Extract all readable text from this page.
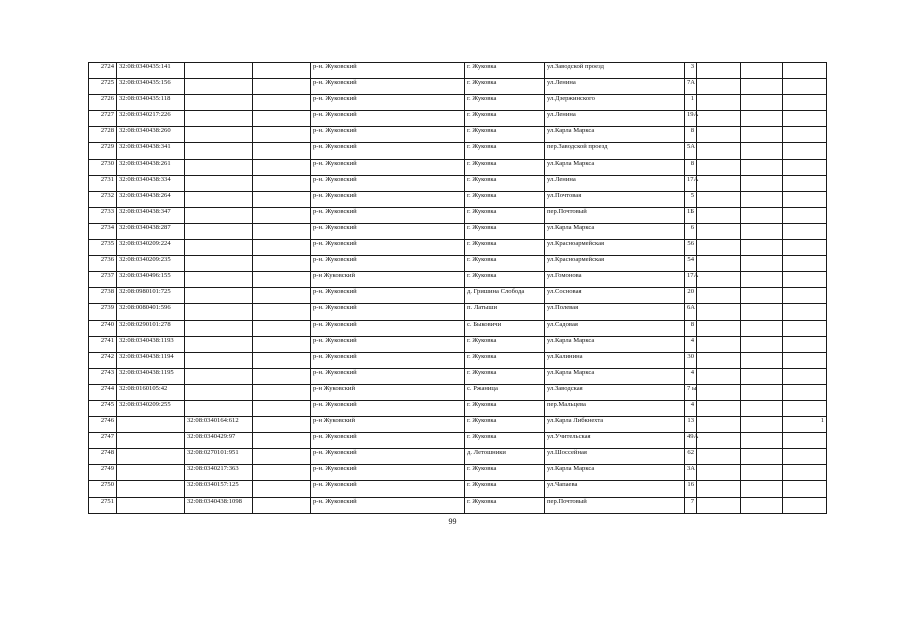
2724	32:08:0340435:141			р-н. Жуковский	г. Жуковка	ул.Заводской проезд	3			
2725	32:08:0340435:156			р-н. Жуковский	г. Жуковка	ул.Ленина	7А			
2726	32:08:0340435:118			р-н. Жуковский	г. Жуковка	ул.Дзержинского	1			
2727	32:08:0340217:226			р-н. Жуковский	г. Жуковка	ул.Ленина	19А			
2728	32:08:0340438:260			р-н. Жуковский	г. Жуковка	ул.Карла Маркса	8			
2729	32:08:0340438:341			р-н. Жуковский	г. Жуковка	пер.Заводской проезд	5А			
2730	32:08:0340438:261			р-н. Жуковский	г. Жуковка	ул.Карла Маркса	8			
2731	32:08:0340438:334			р-н. Жуковский	г. Жуковка	ул.Ленина	17А			
2732	32:08:0340438:264			р-н. Жуковский	г. Жуковка	ул.Почтовая	5			
2733	32:08:0340438:347			р-н. Жуковский	г. Жуковка	пер.Почтовый	1Б			
2734	32:08:0340438:287			р-н. Жуковский	г. Жуковка	ул.Карла Маркса	6			
2735	32:08:0340209:224			р-н. Жуковский	г. Жуковка	ул.Красноармейская	56			
2736	32:08:0340209:235			р-н. Жуковский	г. Жуковка	ул.Красноармейская	54			
2737	32:08:0340496:155			р-н Жуковский	г. Жуковка	ул.Гомонова	17А			
2738	32:08:0980101:725			р-н. Жуковский	д. Гришина Слобода	ул.Сосновая	20			
2739	32:08:0080401:596			р-н. Жуковский	п. Латыши	ул.Полевая	6А			
2740	32:08:0290101:278			р-н. Жуковский	с. Быковичи	ул.Садовая	8			
2741	32:08:0340438:1193			р-н. Жуковский	г. Жуковка	ул.Карла Маркса	4			
2742	32:08:0340438:1194			р-н. Жуковский	г. Жуковка	ул.Калинина	30			
2743	32:08:0340438:1195			р-н. Жуковский	г. Жуковка	ул.Карла Маркса	4			
2744	32:08:0160105:42			р-н Жуковский	с. Ржаница	ул.Заводская	7 ы			
2745	32:08:0340209:255			р-н. Жуковский	г. Жуковка	пер.Мальцева	4			
2746		32:08:0340164:612		р-н Жуковский	г. Жуковка	ул.Карла Либкнехта	13			1
2747		32:08:0340429:97		р-н. Жуковский	г. Жуковка	ул.Учительская	49А			
2748		32:08:0270101:951		р-н. Жуковский	д. Летошники	ул.Шоссейная	62			
2749		32:08:0340217:363		р-н. Жуковский	г. Жуковка	ул.Карла Маркса	3А			
2750		32:08:0340157:125		р-н. Жуковский	г. Жуковка	ул.Чапаева	16			
2751		32:08:0340438:1098		р-н. Жуковский	г. Жуковка	пер.Почтовый	7			
99
